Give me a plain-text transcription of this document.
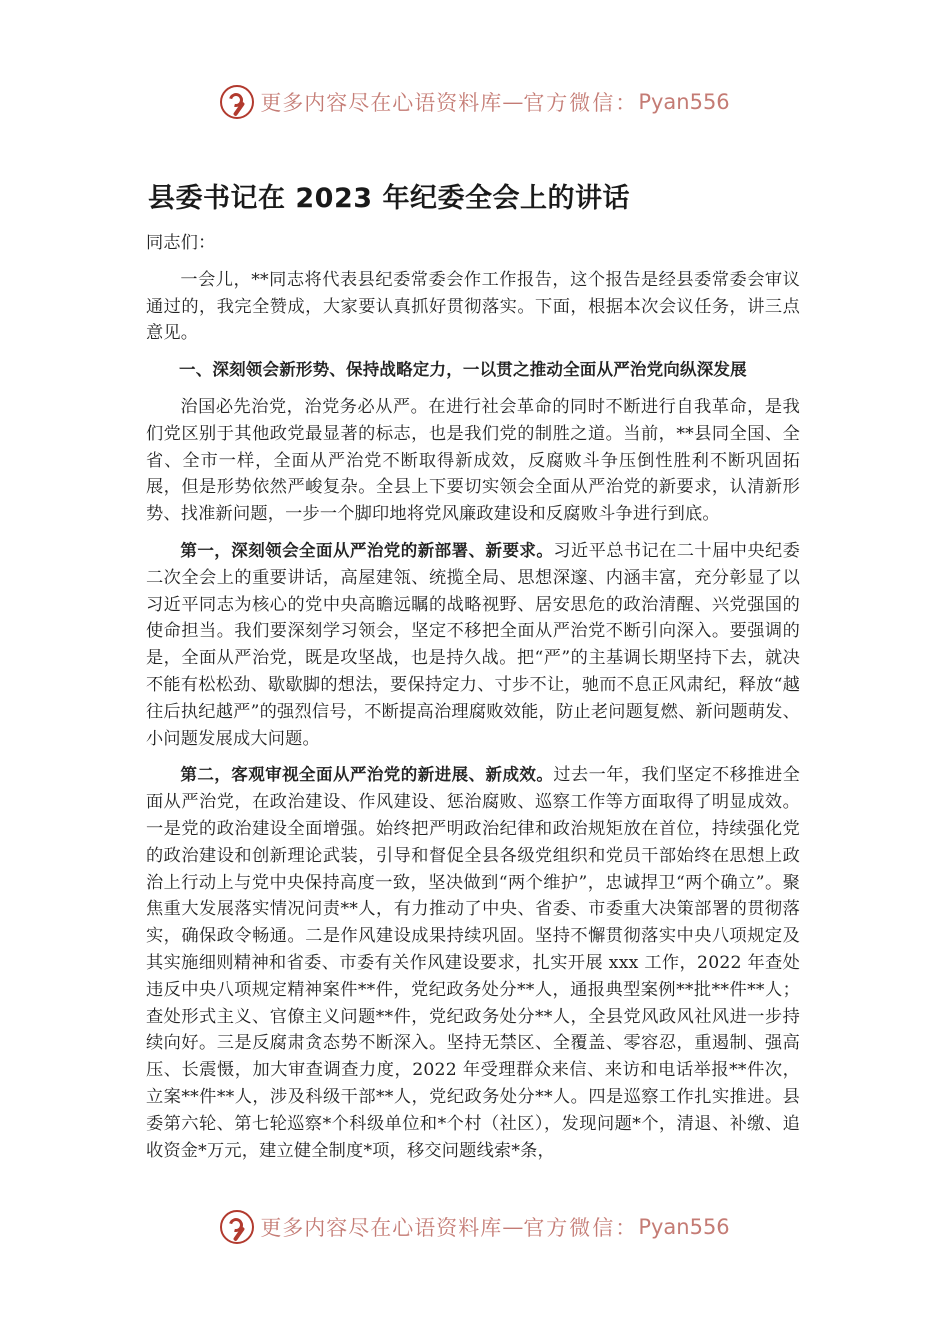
更多内容尽在心语资料库 — 官方微信： Pyan556
县委书记在 2023 年纪委全会上的讲话

同志们：

一会儿，**同志将代表县纪委常委会作工作报告，这个报告是经县委常委会审议通过的，我完全赞成，大家要认真抓好贯彻落实。下面，根据本次会议任务，讲三点意见。

一、深刻领会新形势、保持战略定力，一以贯之推动全面从严治党向纵深发展

治国必先治党，治党务必从严。在进行社会革命的同时不断进行自我革命，是我们党区别于其他政党最显著的标志，也是我们党的制胜之道。当前，**县同全国、全省、全市一样，全面从严治党不断取得新成效，反腐败斗争压倒性胜利不断巩固拓展，但是形势依然严峻复杂。全县上下要切实领会全面从严治党的新要求，认清新形势、找准新问题，一步一个脚印地将党风廉政建设和反腐败斗争进行到底。

第一，深刻领会全面从严治党的新部署、新要求。习近平总书记在二十届中央纪委二次全会上的重要讲话，高屋建瓴、统揽全局、思想深邃、内涵丰富，充分彰显了以习近平同志为核心的党中央高瞻远瞩的战略视野、居安思危的政治清醒、兴党强国的使命担当。我们要深刻学习领会，坚定不移把全面从严治党不断引向深入。要强调的是，全面从严治党，既是攻坚战，也是持久战。把“严”的主基调长期坚持下去，就决不能有松松劲、歇歇脚的想法，要保持定力、寸步不让，驰而不息正风肃纪，释放“越往后执纪越严”的强烈信号，不断提高治理腐败效能，防止老问题复燃、新问题萌发、小问题发展成大问题。

第二，客观审视全面从严治党的新进展、新成效。过去一年，我们坚定不移推进全面从严治党，在政治建设、作风建设、惩治腐败、巡察工作等方面取得了明显成效。一是党的政治建设全面增强。始终把严明政治纪律和政治规矩放在首位，持续强化党的政治建设和创新理论武装，引导和督促全县各级党组织和党员干部始终在思想上政治上行动上与党中央保持高度一致，坚决做到“两个维护”，忠诚捍卫“两个确立”。聚焦重大发展落实情况问责**人，有力推动了中央、省委、市委重大决策部署的贯彻落实，确保政令畅通。二是作风建设成果持续巩固。坚持不懈贯彻落实中央八项规定及其实施细则精神和省委、市委有关作风建设要求，扎实开展 xxx 工作，2022 年查处违反中央八项规定精神案件**件，党纪政务处分**人，通报典型案例**批**件**人；查处形式主义、官僚主义问题**件，党纪政务处分**人，全县党风政风社风进一步持续向好。三是反腐肃贪态势不断深入。坚持无禁区、全覆盖、零容忍，重遏制、强高压、长震慑，加大审查调查力度，2022 年受理群众来信、来访和电话举报**件次，立案**件**人，涉及科级干部**人，党纪政务处分**人。四是巡察工作扎实推进。县委第六轮、第七轮巡察*个科级单位和*个村（社区），发现问题*个，清退、补缴、追收资金*万元，建立健全制度*项，移交问题线索*条，

更多内容尽在心语资料库 — 官方微信： Pyan556
